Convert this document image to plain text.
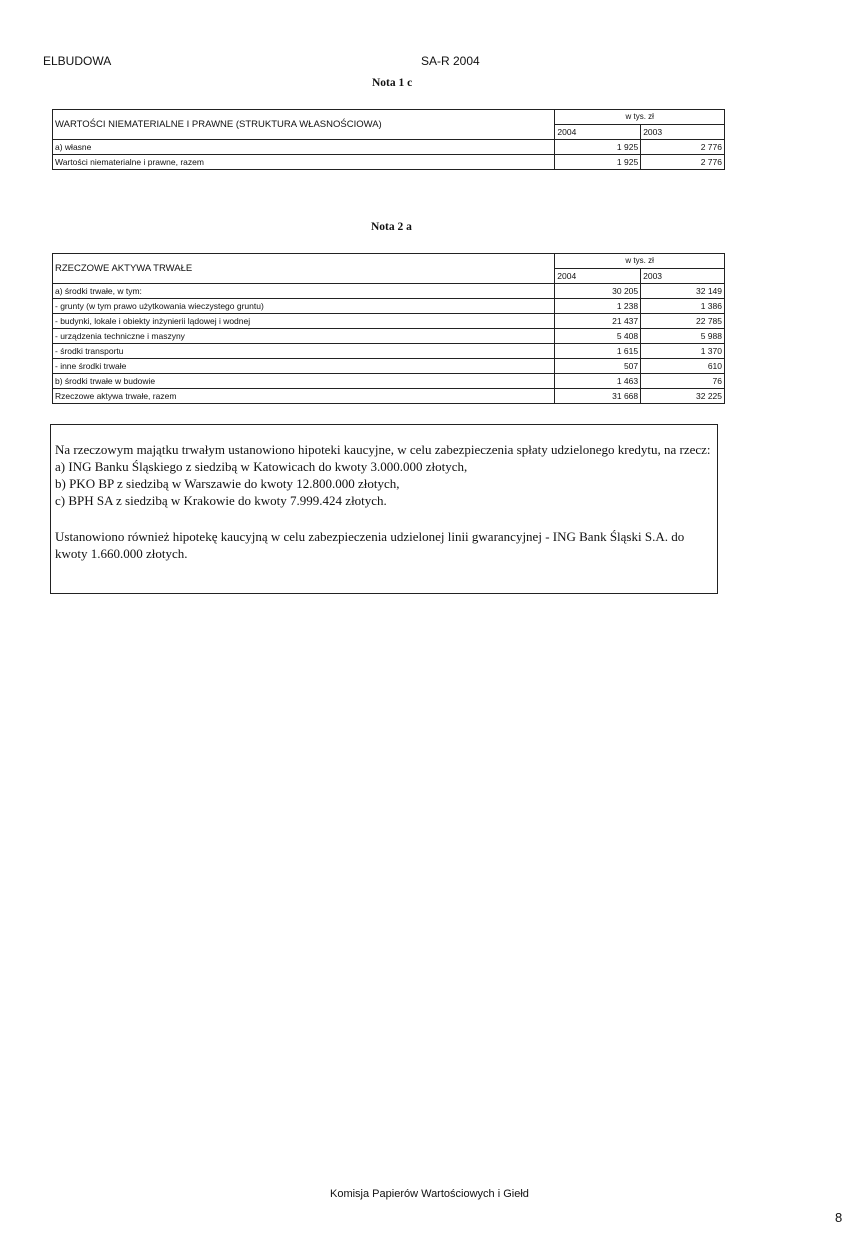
ELBUDOWA	SA-R 2004
Nota 1 c
WARTOŚCI NIEMATERIALNE I PRAWNE (STRUKTURA WŁASNOŚCIOWA)	w tys. zł	
	2004	2003
a) własne	1 925	2 776
Wartości niematerialne i prawne, razem	1 925	2 776
Nota 2 a
RZECZOWE AKTYWA TRWAŁE	w tys. zł	
	2004	2003
a) środki trwałe, w tym:	30 205	32 149
- grunty (w tym prawo użytkowania wieczystego gruntu)	1 238	1 386
- budynki, lokale i obiekty inżynierii lądowej i wodnej	21 437	22 785
- urządzenia techniczne i maszyny	5 408	5 988
- środki transportu	1 615	1 370
- inne środki trwałe	507	610
b) środki trwałe w budowie	1 463	76
Rzeczowe aktywa trwałe, razem	31 668	32 225

Na rzeczowym majątku trwałym ustanowiono hipoteki kaucyjne, w celu zabezpieczenia spłaty udzielonego kredytu, na rzecz:

a) ING Banku Śląskiego z siedzibą w Katowicach do kwoty 3.000.000 złotych,

b) PKO BP z siedzibą w Warszawie do kwoty 12.800.000 złotych,

c) BPH SA z siedzibą w Krakowie do kwoty 7.999.424 złotych.

Ustanowiono również hipotekę kaucyjną w celu zabezpieczenia udzielonej linii gwarancyjnej - ING Bank Śląski S.A. do kwoty 1.660.000 złotych.

Komisja Papierów Wartościowych i Giełd
8
